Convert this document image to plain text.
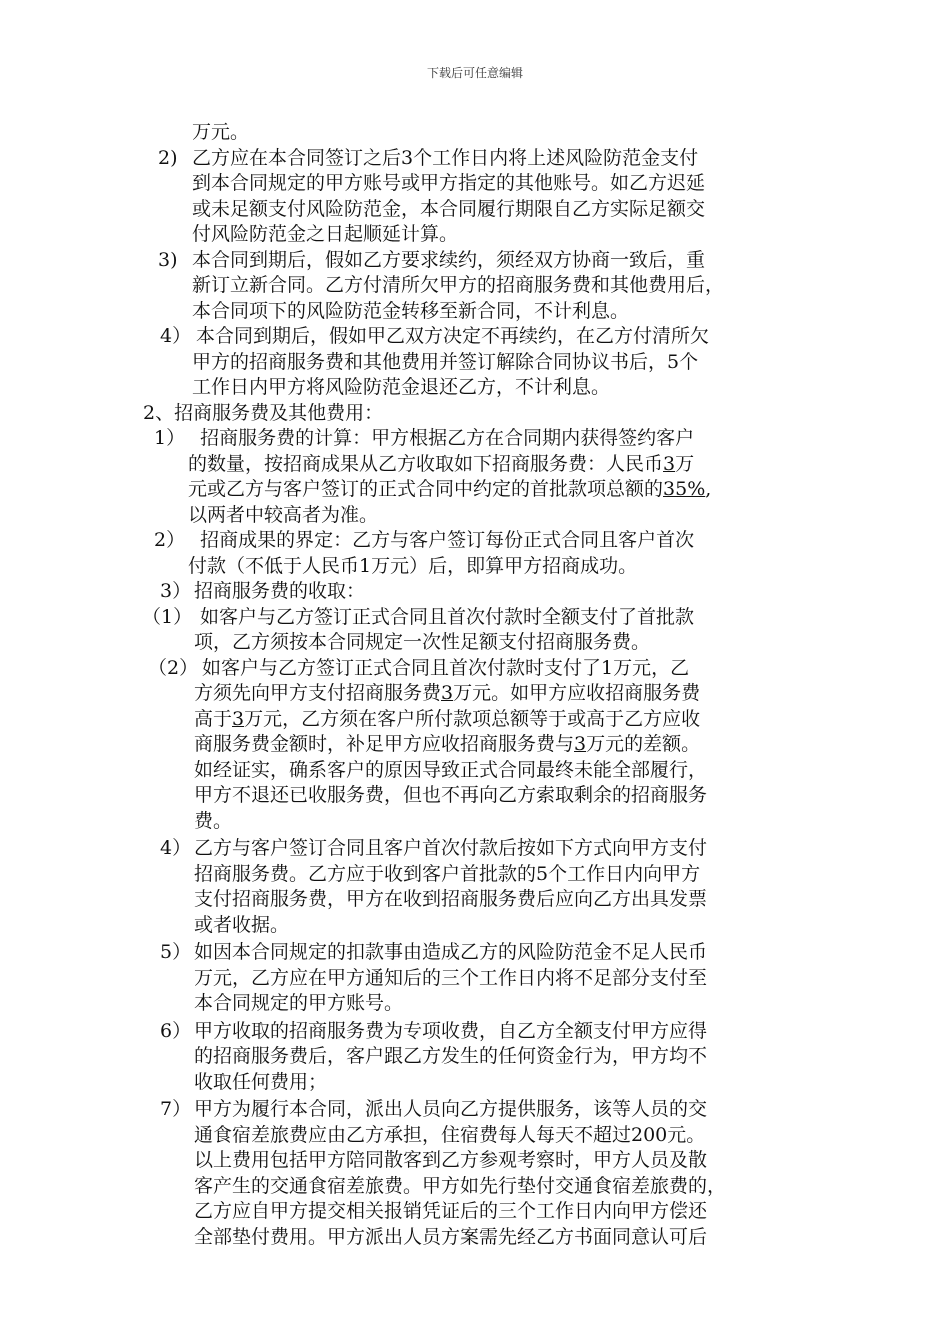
下载后可任意编辑
万元。
2) 乙方应在本合同签订之后3个工作日内将上述风险防范金支付
到本合同规定的甲方账号或甲方指定的其他账号。如乙方迟延
或未足额支付风险防范金，本合同履行期限自乙方实际足额交
付风险防范金之日起顺延计算。
3) 本合同到期后，假如乙方要求续约，须经双方协商一致后，重
新订立新合同。乙方付清所欠甲方的招商服务费和其他费用后，
本合同项下的风险防范金转移至新合同，不计利息。
4） 本合同到期后，假如甲乙双方决定不再续约，在乙方付清所欠
甲方的招商服务费和其他费用并签订解除合同协议书后，5个
工作日内甲方将风险防范金退还乙方，不计利息。
2、招商服务费及其他费用：
1） 招商服务费的计算：甲方根据乙方在合同期内获得签约客户
的数量，按招商成果从乙方收取如下招商服务费：人民币3万
元或乙方与客户签订的正式合同中约定的首批款项总额的35%,
以两者中较高者为准。
2） 招商成果的界定：乙方与客户签订每份正式合同且客户首次
付款（不低于人民币1万元）后，即算甲方招商成功。
3） 招商服务费的收取：
（1） 如客户与乙方签订正式合同且首次付款时全额支付了首批款
项，乙方须按本合同规定一次性足额支付招商服务费。
（2） 如客户与乙方签订正式合同且首次付款时支付了1万元，乙
方须先向甲方支付招商服务费3万元。如甲方应收招商服务费
高于3万元，乙方须在客户所付款项总额等于或高于乙方应收
商服务费金额时，补足甲方应收招商服务费与3万元的差额。
如经证实，确系客户的原因导致正式合同最终未能全部履行，
甲方不退还已收服务费，但也不再向乙方索取剩余的招商服务
费。
4） 乙方与客户签订合同且客户首次付款后按如下方式向甲方支付
招商服务费。乙方应于收到客户首批款的5个工作日内向甲方
支付招商服务费，甲方在收到招商服务费后应向乙方出具发票
或者收据。
5） 如因本合同规定的扣款事由造成乙方的风险防范金不足人民币
万元，乙方应在甲方通知后的三个工作日内将不足部分支付至
本合同规定的甲方账号。
6） 甲方收取的招商服务费为专项收费，自乙方全额支付甲方应得
的招商服务费后，客户跟乙方发生的任何资金行为，甲方均不
收取任何费用；
7） 甲方为履行本合同，派出人员向乙方提供服务，该等人员的交
通食宿差旅费应由乙方承担，住宿费每人每天不超过200元。
以上费用包括甲方陪同散客到乙方参观考察时，甲方人员及散
客产生的交通食宿差旅费。甲方如先行垫付交通食宿差旅费的，
乙方应自甲方提交相关报销凭证后的三个工作日内向甲方偿还
全部垫付费用。甲方派出人员方案需先经乙方书面同意认可后
